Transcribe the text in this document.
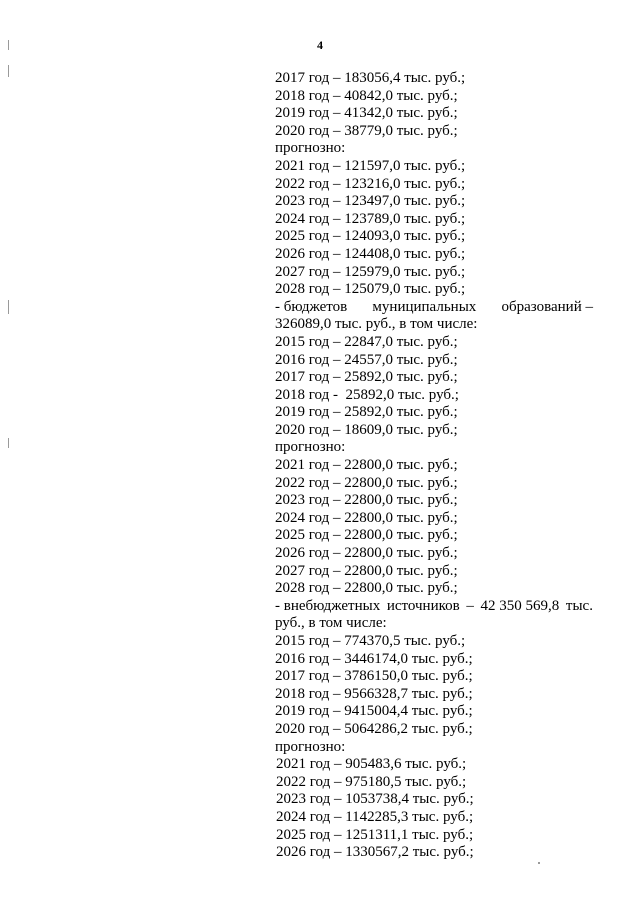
4
2017 год – 183056,4 тыс. руб.;
2018 год – 40842,0 тыс. руб.;
2019 год – 41342,0 тыс. руб.;
2020 год – 38779,0 тыс. руб.;
прогнозно:
2021 год – 121597,0 тыс. руб.;
2022 год – 123216,0 тыс. руб.;
2023 год – 123497,0 тыс. руб.;
2024 год – 123789,0 тыс. руб.;
2025 год – 124093,0 тыс. руб.;
2026 год – 124408,0 тыс. руб.;
2027 год – 125979,0 тыс. руб.;
2028 год – 125079,0 тыс. руб.;
- бюджетов муниципальных образований –
326089,0 тыс. руб., в том числе:
2015 год – 22847,0 тыс. руб.;
2016 год – 24557,0 тыс. руб.;
2017 год – 25892,0 тыс. руб.;
2018 год -  25892,0 тыс. руб.;
2019 год – 25892,0 тыс. руб.;
2020 год – 18609,0 тыс. руб.;
прогнозно:
2021 год – 22800,0 тыс. руб.;
2022 год – 22800,0 тыс. руб.;
2023 год – 22800,0 тыс. руб.;
2024 год – 22800,0 тыс. руб.;
2025 год – 22800,0 тыс. руб.;
2026 год – 22800,0 тыс. руб.;
2027 год – 22800,0 тыс. руб.;
2028 год – 22800,0 тыс. руб.;
- внебюджетных источников – 42 350 569,8 тыс.
руб., в том числе:
2015 год – 774370,5 тыс. руб.;
2016 год – 3446174,0 тыс. руб.;
2017 год – 3786150,0 тыс. руб.;
2018 год – 9566328,7 тыс. руб.;
2019 год – 9415004,4 тыс. руб.;
2020 год – 5064286,2 тыс. руб.;
прогнозно:
2021 год – 905483,6 тыс. руб.;
2022 год – 975180,5 тыс. руб.;
2023 год – 1053738,4 тыс. руб.;
2024 год – 1142285,3 тыс. руб.;
2025 год – 1251311,1 тыс. руб.;
2026 год – 1330567,2 тыс. руб.;
